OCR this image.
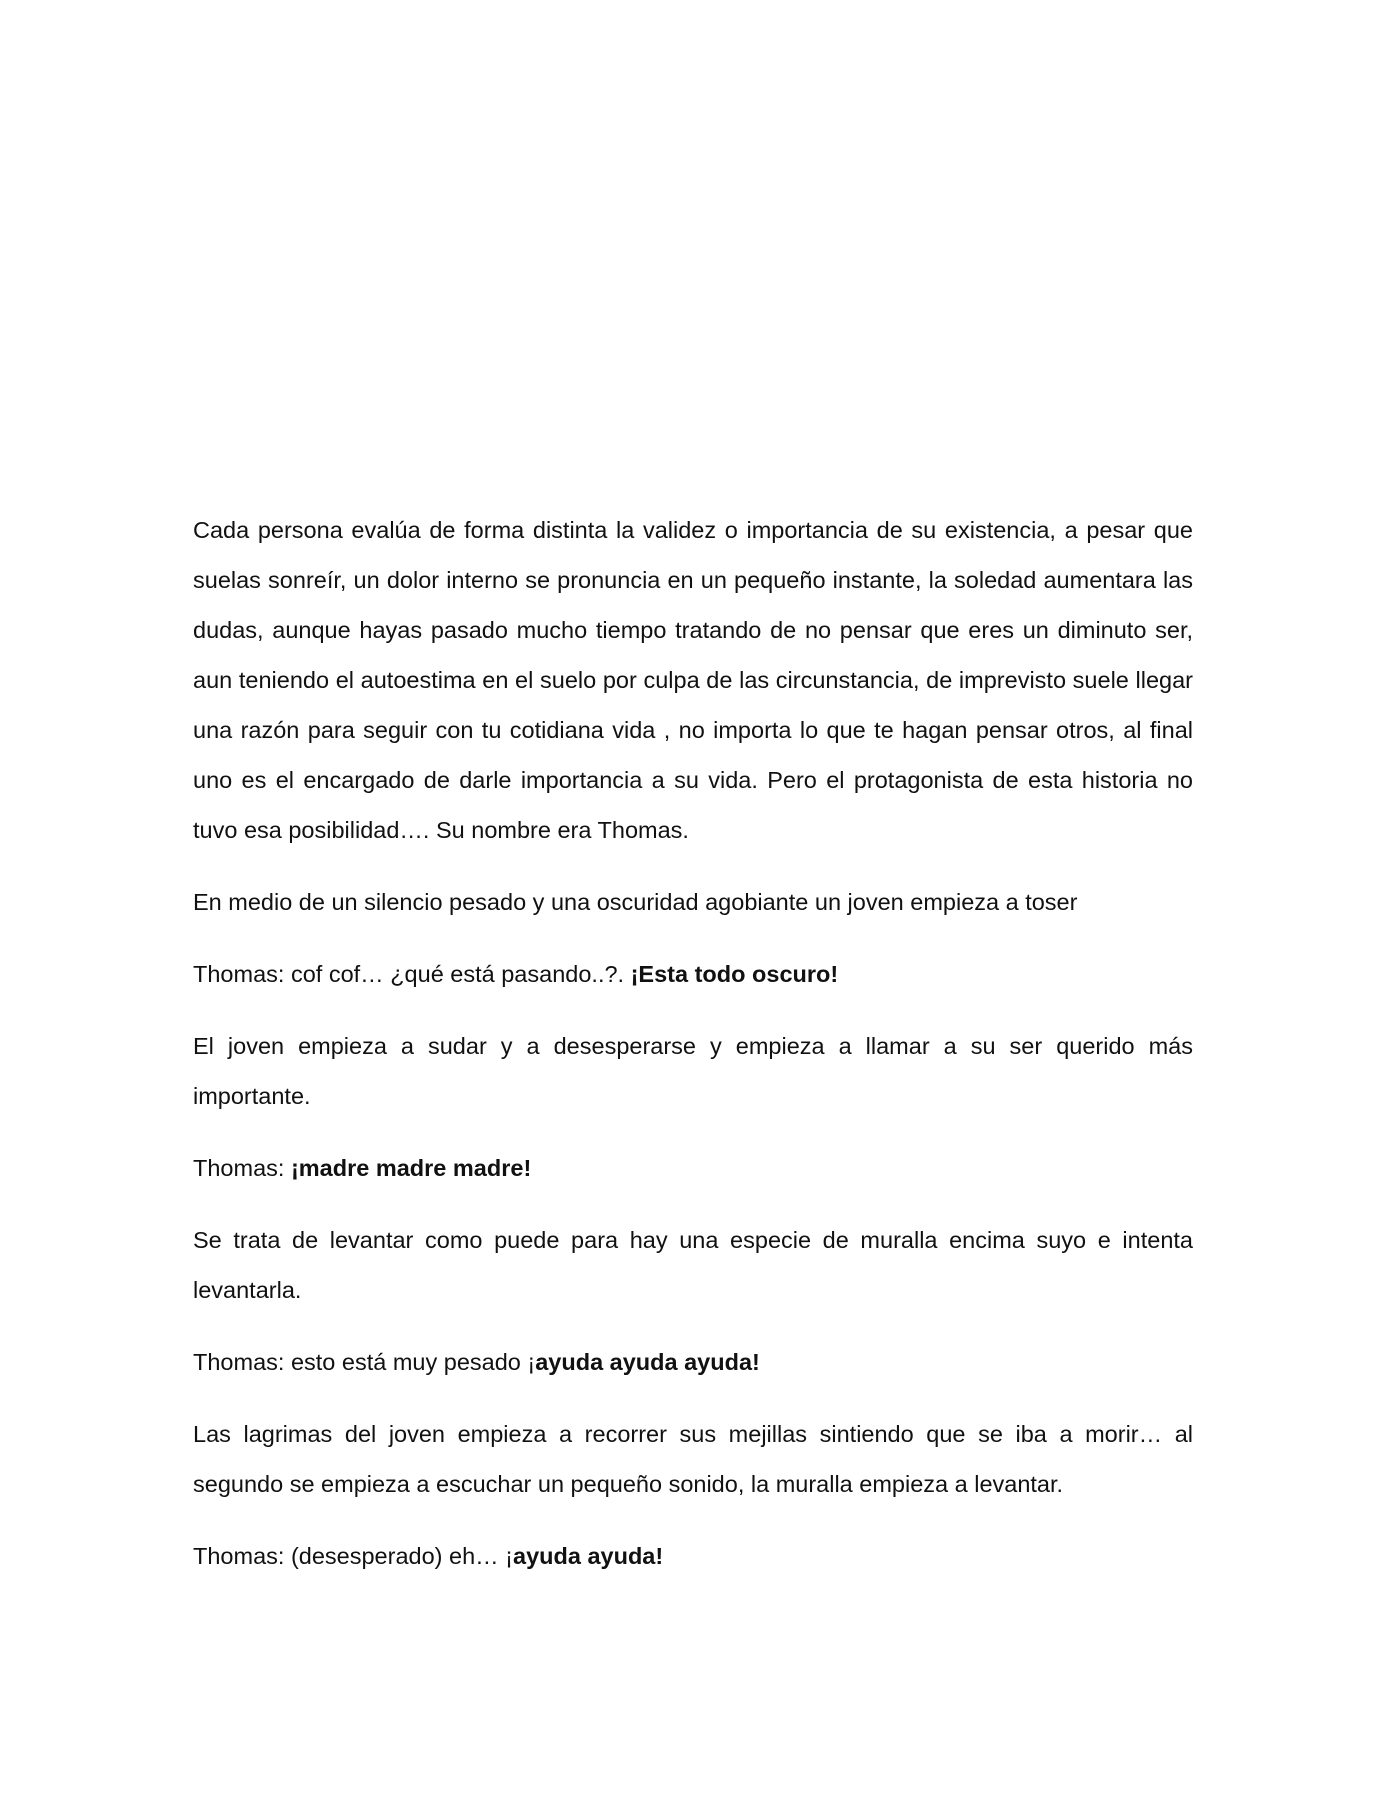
Cada persona evalúa de forma distinta la validez o importancia de su existencia, a pesar que suelas sonreír, un dolor interno se pronuncia en un pequeño instante, la soledad aumentara las dudas, aunque hayas pasado mucho tiempo tratando de no pensar que eres un diminuto ser, aun teniendo el autoestima en el suelo por culpa de las circunstancia, de imprevisto suele llegar una razón para seguir con tu cotidiana vida , no importa lo que te hagan pensar otros, al final uno es el encargado de darle importancia a su vida. Pero el protagonista de esta historia no tuvo esa posibilidad…. Su nombre era Thomas.

En medio de un silencio pesado y una oscuridad agobiante un joven empieza a toser

Thomas: cof cof… ¿qué está pasando..?. ¡Esta todo oscuro!

El joven empieza a sudar y a desesperarse y empieza a llamar a su ser querido más importante.

Thomas: ¡madre madre madre!

Se trata de levantar como puede para hay una especie de muralla encima suyo e intenta levantarla.

Thomas: esto está muy pesado ¡ayuda ayuda ayuda!

Las lagrimas del joven empieza a recorrer sus mejillas sintiendo que se iba a morir… al segundo se empieza a escuchar un pequeño sonido, la muralla empieza a levantar.

Thomas: (desesperado) eh… ¡ayuda ayuda!
